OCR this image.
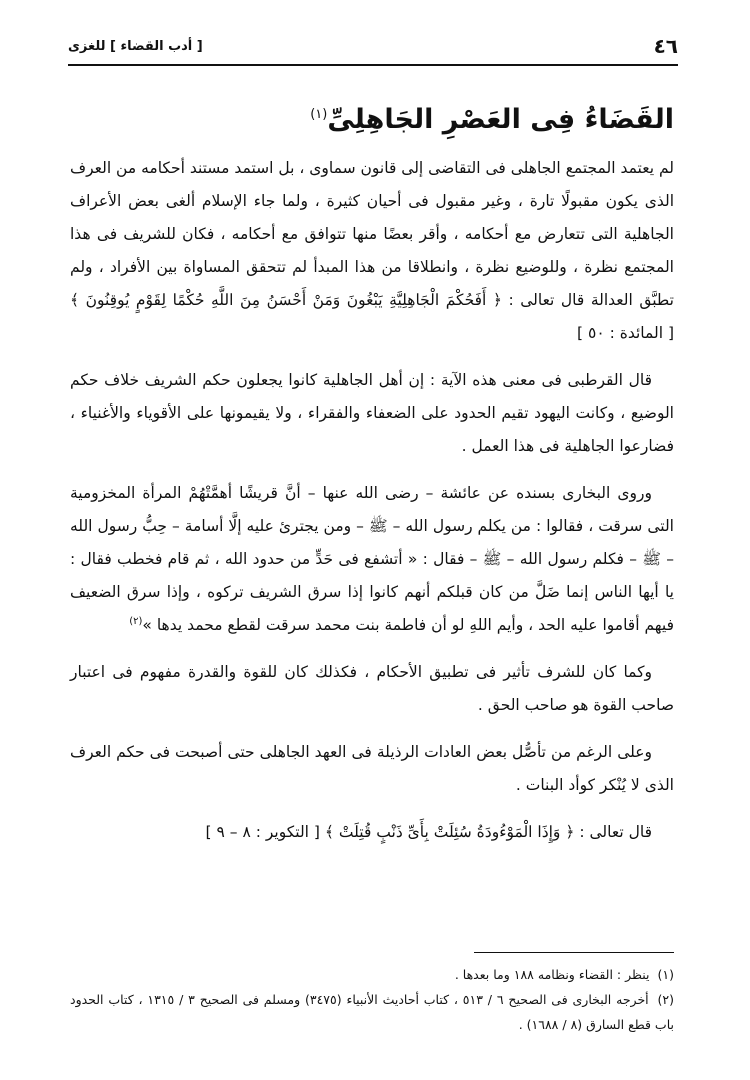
٤٦
[ أدب القضاء ] للغزى
القَضَاءُ فِى العَصْرِ الجَاهِلِىِّ$^{(١)}$

لم يعتمد المجتمع الجاهلى فى التقاضى إلى قانون سماوى ، بل استمد مستند أحكامه من العرف الذى يكون مقبولًا تارة ، وغير مقبول فى أحيان كثيرة ، ولما جاء الإسلام ألغى بعض الأعراف الجاهلية التى تتعارض مع أحكامه ، وأقر بعضًا منها تتوافق مع أحكامه ، فكان للشريف فى هذا المجتمع نظرة ، وللوضيع نظرة ، وانطلاقا من هذا المبدأ لم تتحقق المساواة بين الأفراد ، ولم تطبَّق العدالة قال تعالى : ﴿ أَفَحُكْمَ الْجَاهِلِيَّةِ يَبْغُونَ وَمَنْ أَحْسَنُ مِنَ اللَّهِ حُكْمًا لِقَوْمٍ يُوقِنُونَ ﴾ [ المائدة : ٥٠ ]

قال القرطبى فى معنى هذه الآية : إن أهل الجاهلية كانوا يجعلون حكم الشريف خلاف حكم الوضيع ، وكانت اليهود تقيم الحدود على الضعفاء والفقراء ، ولا يقيمونها على الأقوياء والأغنياء ، فضارعوا الجاهلية فى هذا العمل .

وروى البخارى بسنده عن عائشة – رضى الله عنها – أنَّ قريشًا أهمَّتْهُمْ المرأة المخزومية التى سرقت ، فقالوا : من يكلم رسول الله – ﷺ – ومن يجترئ عليه إلَّا أسامة – حِبُّ رسول الله – ﷺ – فكلم رسول الله – ﷺ – فقال : « أتشفع فى حَدٍّ من حدود الله ، ثم قام فخطب فقال : يا أيها الناس إنما ضَلَّ من كان قبلكم أنهم كانوا إذا سرق الشريف تركوه ، وإذا سرق الضعيف فيهم أقاموا عليه الحد ، وأيم اللهِ لو أن فاطمة بنت محمد سرقت لقطع محمد يدها »$^{(٢)}$

وكما كان للشرف تأثير فى تطبيق الأحكام ، فكذلك كان للقوة والقدرة مفهوم فى اعتبار صاحب القوة هو صاحب الحق .

وعلى الرغم من تأصُّل بعض العادات الرذيلة فى العهد الجاهلى حتى أصبحت فى حكم العرف الذى لا يُنْكر كوأد البنات .

قال تعالى : ﴿ وَإِذَا الْمَوْءُودَةُ سُئِلَتْ بِأَىِّ ذَنْبٍ قُتِلَتْ ﴾ [ التكوير : ٨ – ٩ ]

(١) ينظر : القضاء ونظامه ١٨٨ وما بعدها .

(٢) أخرجه البخارى فى الصحيح ٦ / ٥١٣ ، كتاب أحاديث الأنبياء (٣٤٧٥) ومسلم فى الصحيح ٣ / ١٣١٥ ، كتاب الحدود باب قطع السارق (٨ / ١٦٨٨) .
